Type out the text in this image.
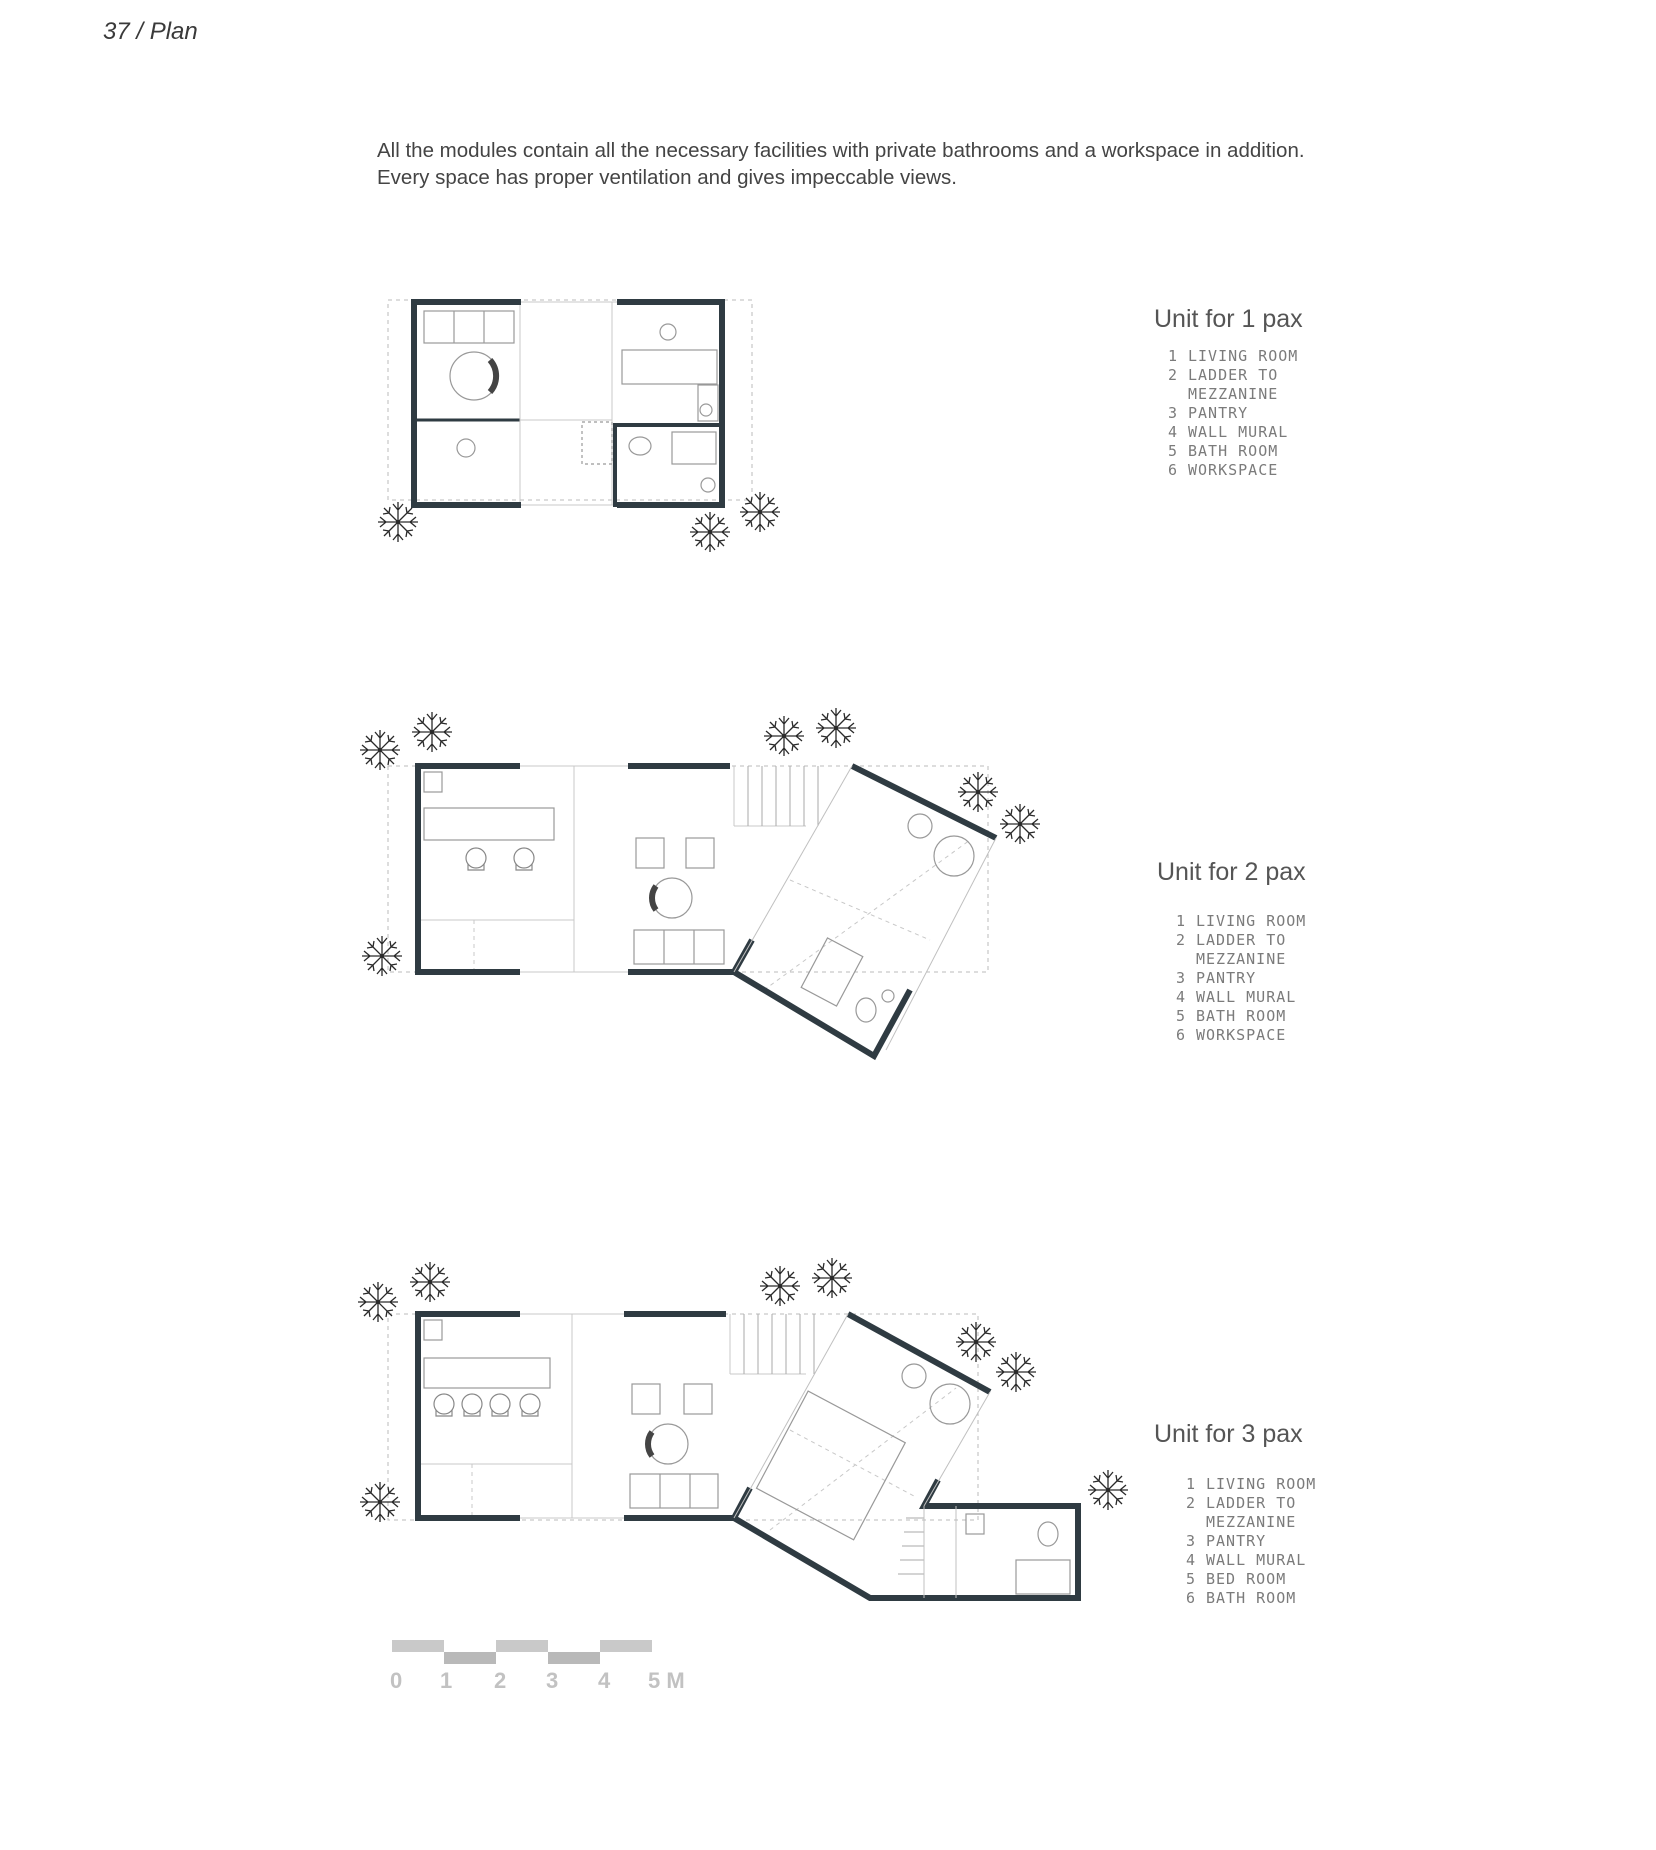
37 / Plan

All the modules contain all the necessary facilities with private bathrooms and a workspace in addition.

Every space has proper ventilation and gives impeccable views.

Unit for 1 pax
1 LIVING ROOM
2 LADDER TO MEZZANINE
3 PANTRY
4 WALL MURAL
5 BATH ROOM
6 WORKSPACE
Unit for 2 pax
1 LIVING ROOM
2 LADDER TO MEZZANINE
3 PANTRY
4 WALL MURAL
5 BATH ROOM
6 WORKSPACE
Unit for 3 pax
1 LIVING ROOM
2 LADDER TO MEZZANINE
3 PANTRY
4 WALL MURAL
5 BED ROOM
6 BATH ROOM
0 1 2 3 4 5 M
